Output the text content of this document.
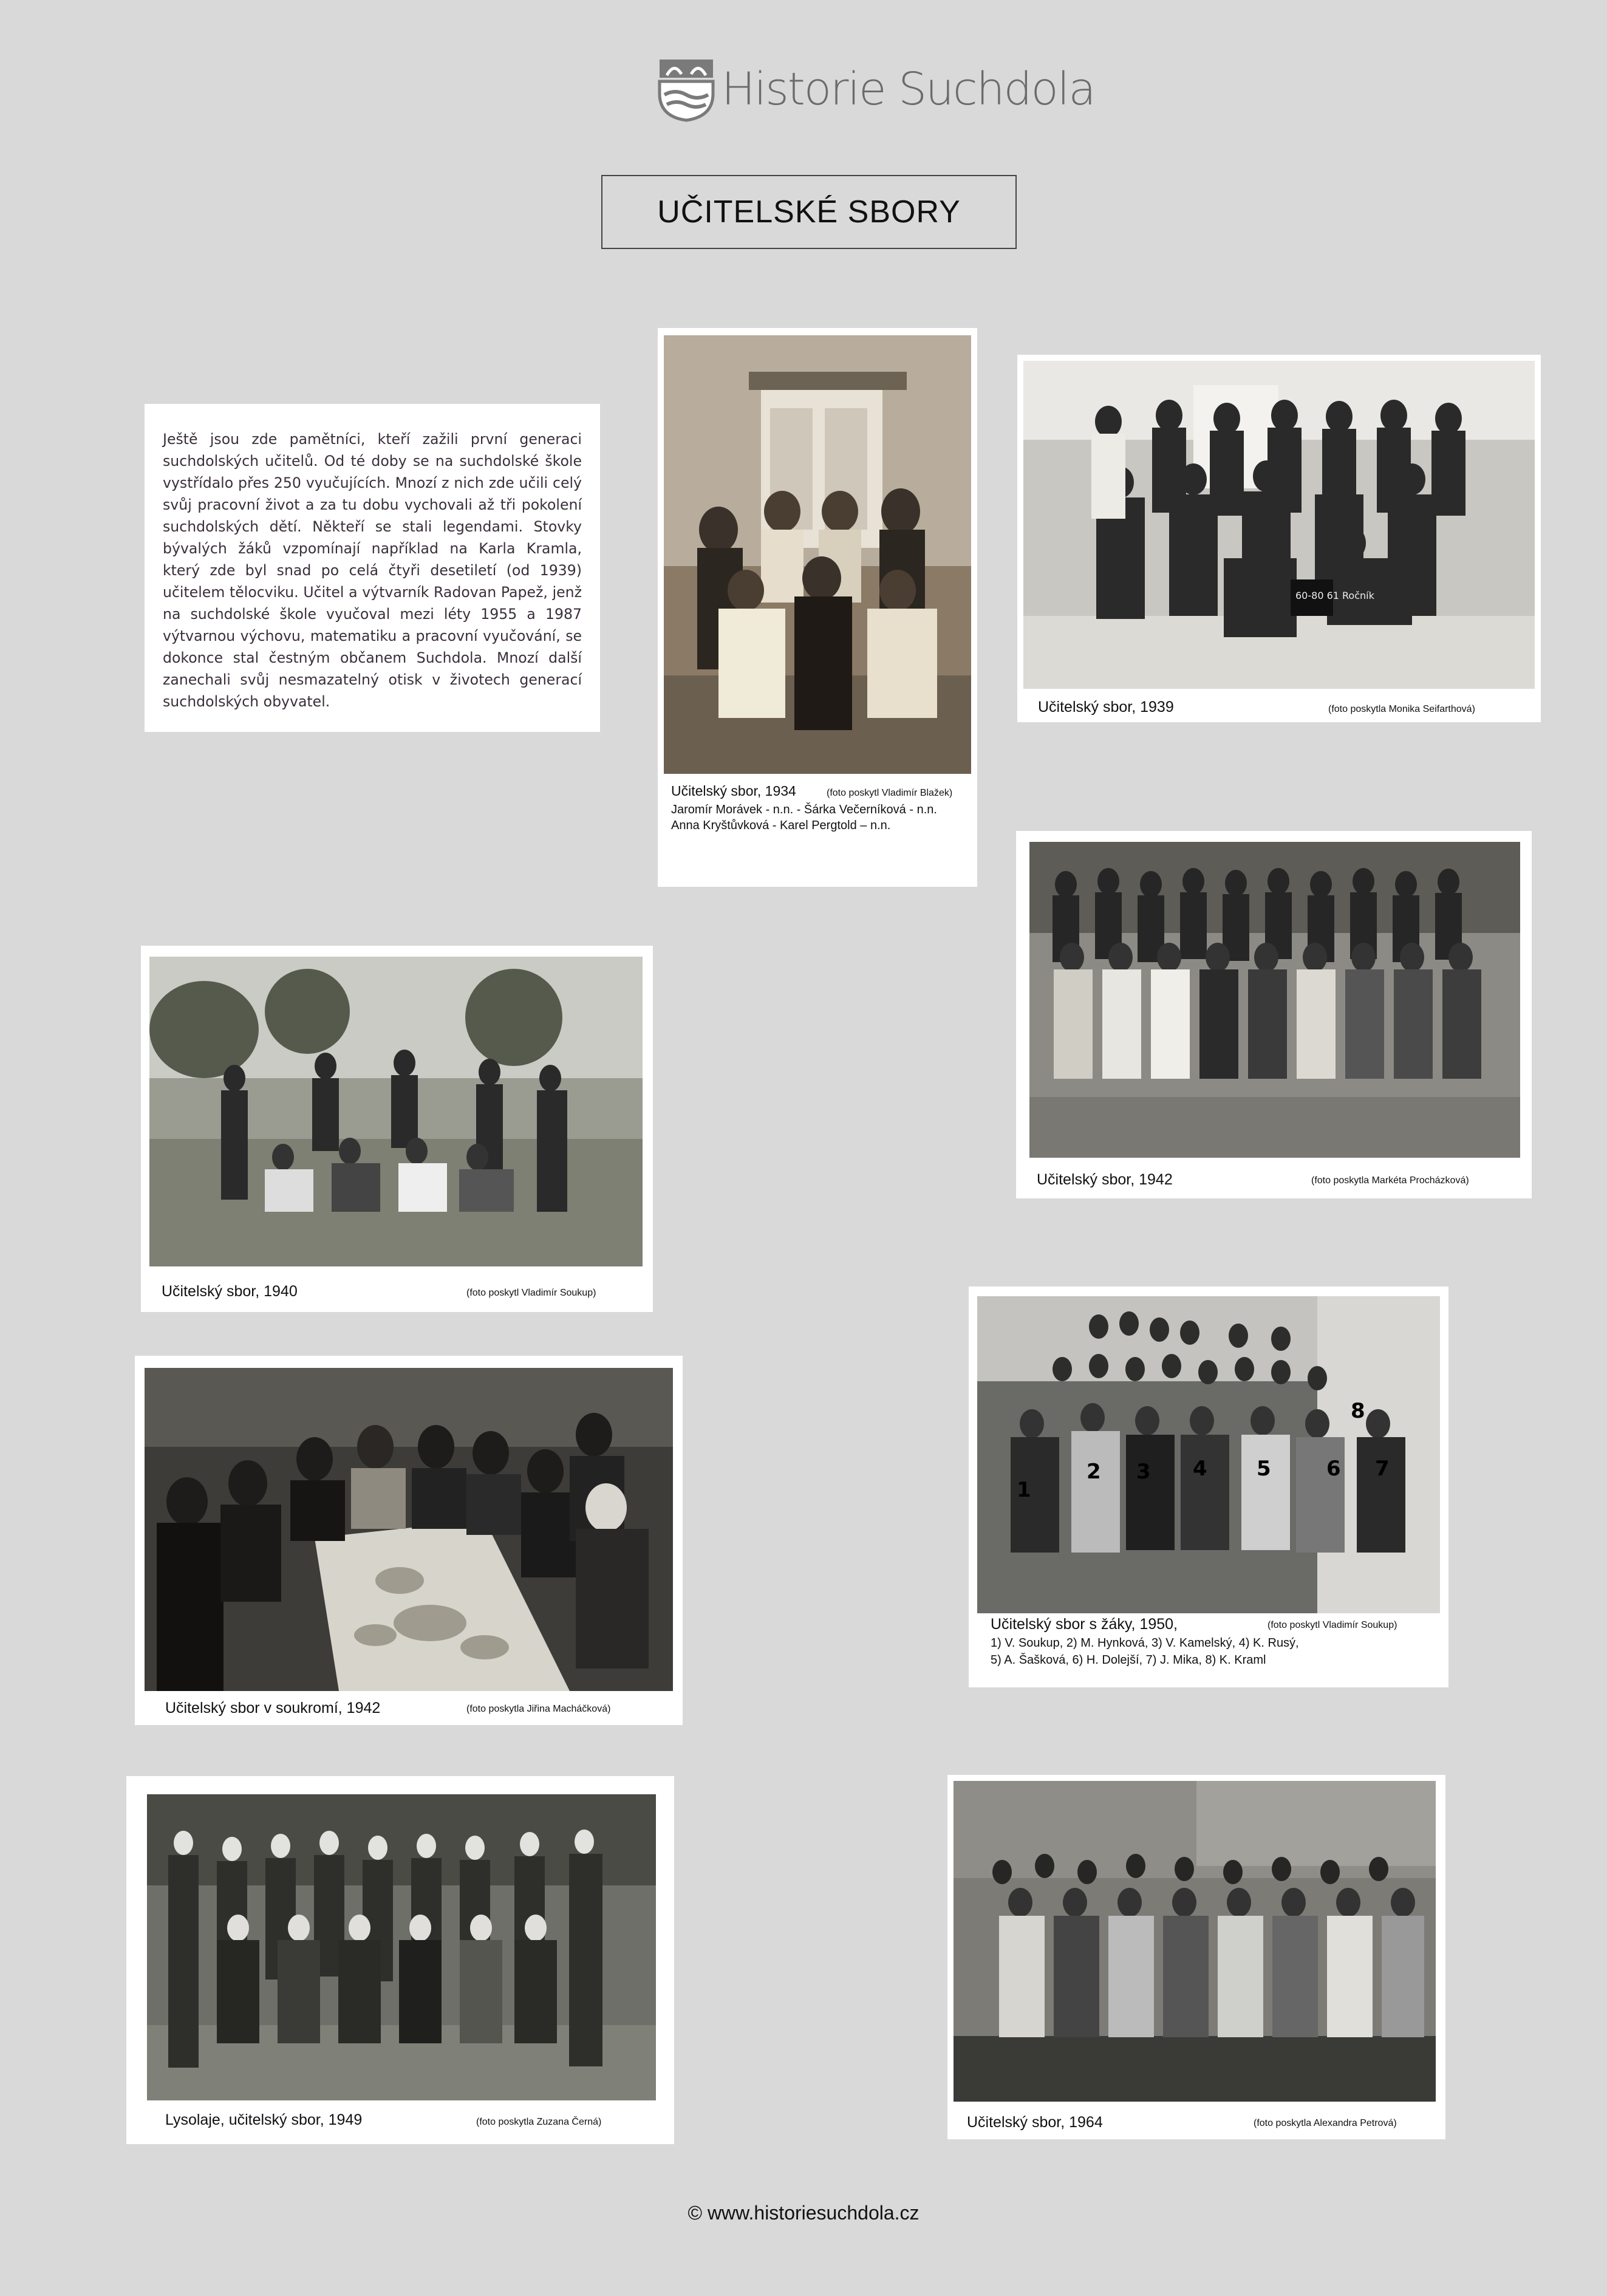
Historie Suchdola
UČITELSKÉ SBORY
Ještě jsou zde pamětníci, kteří zažili první generaci suchdolských učitelů. Od té doby se na suchdolské škole vystřídalo přes 250 vyučujících. Mnozí z nich zde učili celý svůj pracovní život a za tu dobu vychovali až tři pokolení suchdolských dětí. Někteří se stali legendami. Stovky bývalých žáků vzpomínají například na Karla Kramla, který zde byl snad po celá čtyři desetiletí (od 1939) učitelem tělocviku. Učitel a výtvarník Radovan Papež, jenž na suchdolské škole vyučoval mezi léty 1955 a 1987 výtvarnou výchovu, matematiku a pracovní vyučování, se dokonce stal čestným občanem Suchdola. Mnozí další zanechali svůj nesmazatelný otisk v životech generací suchdolských obyvatel.
Učitelský sbor, 1934	(foto poskytl Vladimír Blažek)
Jaromír Morávek - n.n. - Šárka Večerníková - n.n.
Anna Kryštůvková - Karel Pergtold – n.n.
60-80 61 Ročník
Učitelský sbor, 1939	(foto poskytla Monika Seifarthová)
Učitelský sbor, 1942	(foto poskytla Markéta Procházková)
Učitelský sbor, 1940	(foto poskytl Vladimír Soukup)
1
2 3 4 5	6 7
8
Učitelský sbor s žáky, 1950,	(foto poskytl Vladimír Soukup)
1) V. Soukup, 2) M. Hynková, 3) V. Kamelský, 4) K. Rusý,
5) A. Šašková, 6) H. Dolejší, 7) J. Mika, 8) K. Kraml
Učitelský sbor v soukromí, 1942	(foto poskytla Jiřina Macháčková)
Lysolaje, učitelský sbor, 1949	(foto poskytla Zuzana Černá)	Učitelský sbor, 1964	(foto poskytla Alexandra Petrová)
© www.historiesuchdola.cz
